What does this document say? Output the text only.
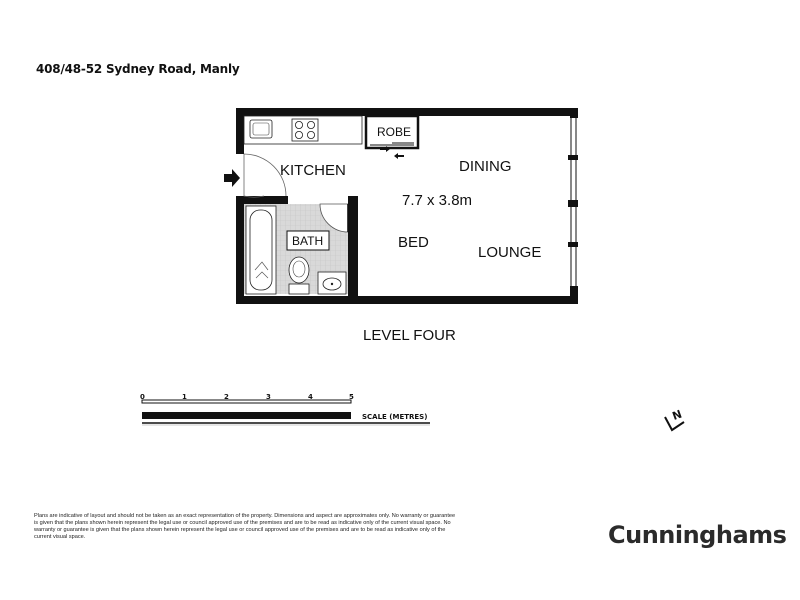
408/48-52 Sydney Road, Manly
KITCHEN
ROBE
DINING
7.7 x 3.8m
BATH	BED
LOUNGE
LEVEL FOUR
0	1	2	3	4	5
SCALE (METRES)	N
Plans are indicative of layout and should not be taken as an exact representation of the property. Dimensions and aspect are approximates only. No warranty or guarantee is given that the plans shown herein represent the legal use or council approved use of the premises and are to be read as indicative only of the current visual space. No warranty or guarantee is given that the plans shown herein represent the legal use or council approved use of the premises and are to be read as indicative only of the current visual space.	Cunninghams
